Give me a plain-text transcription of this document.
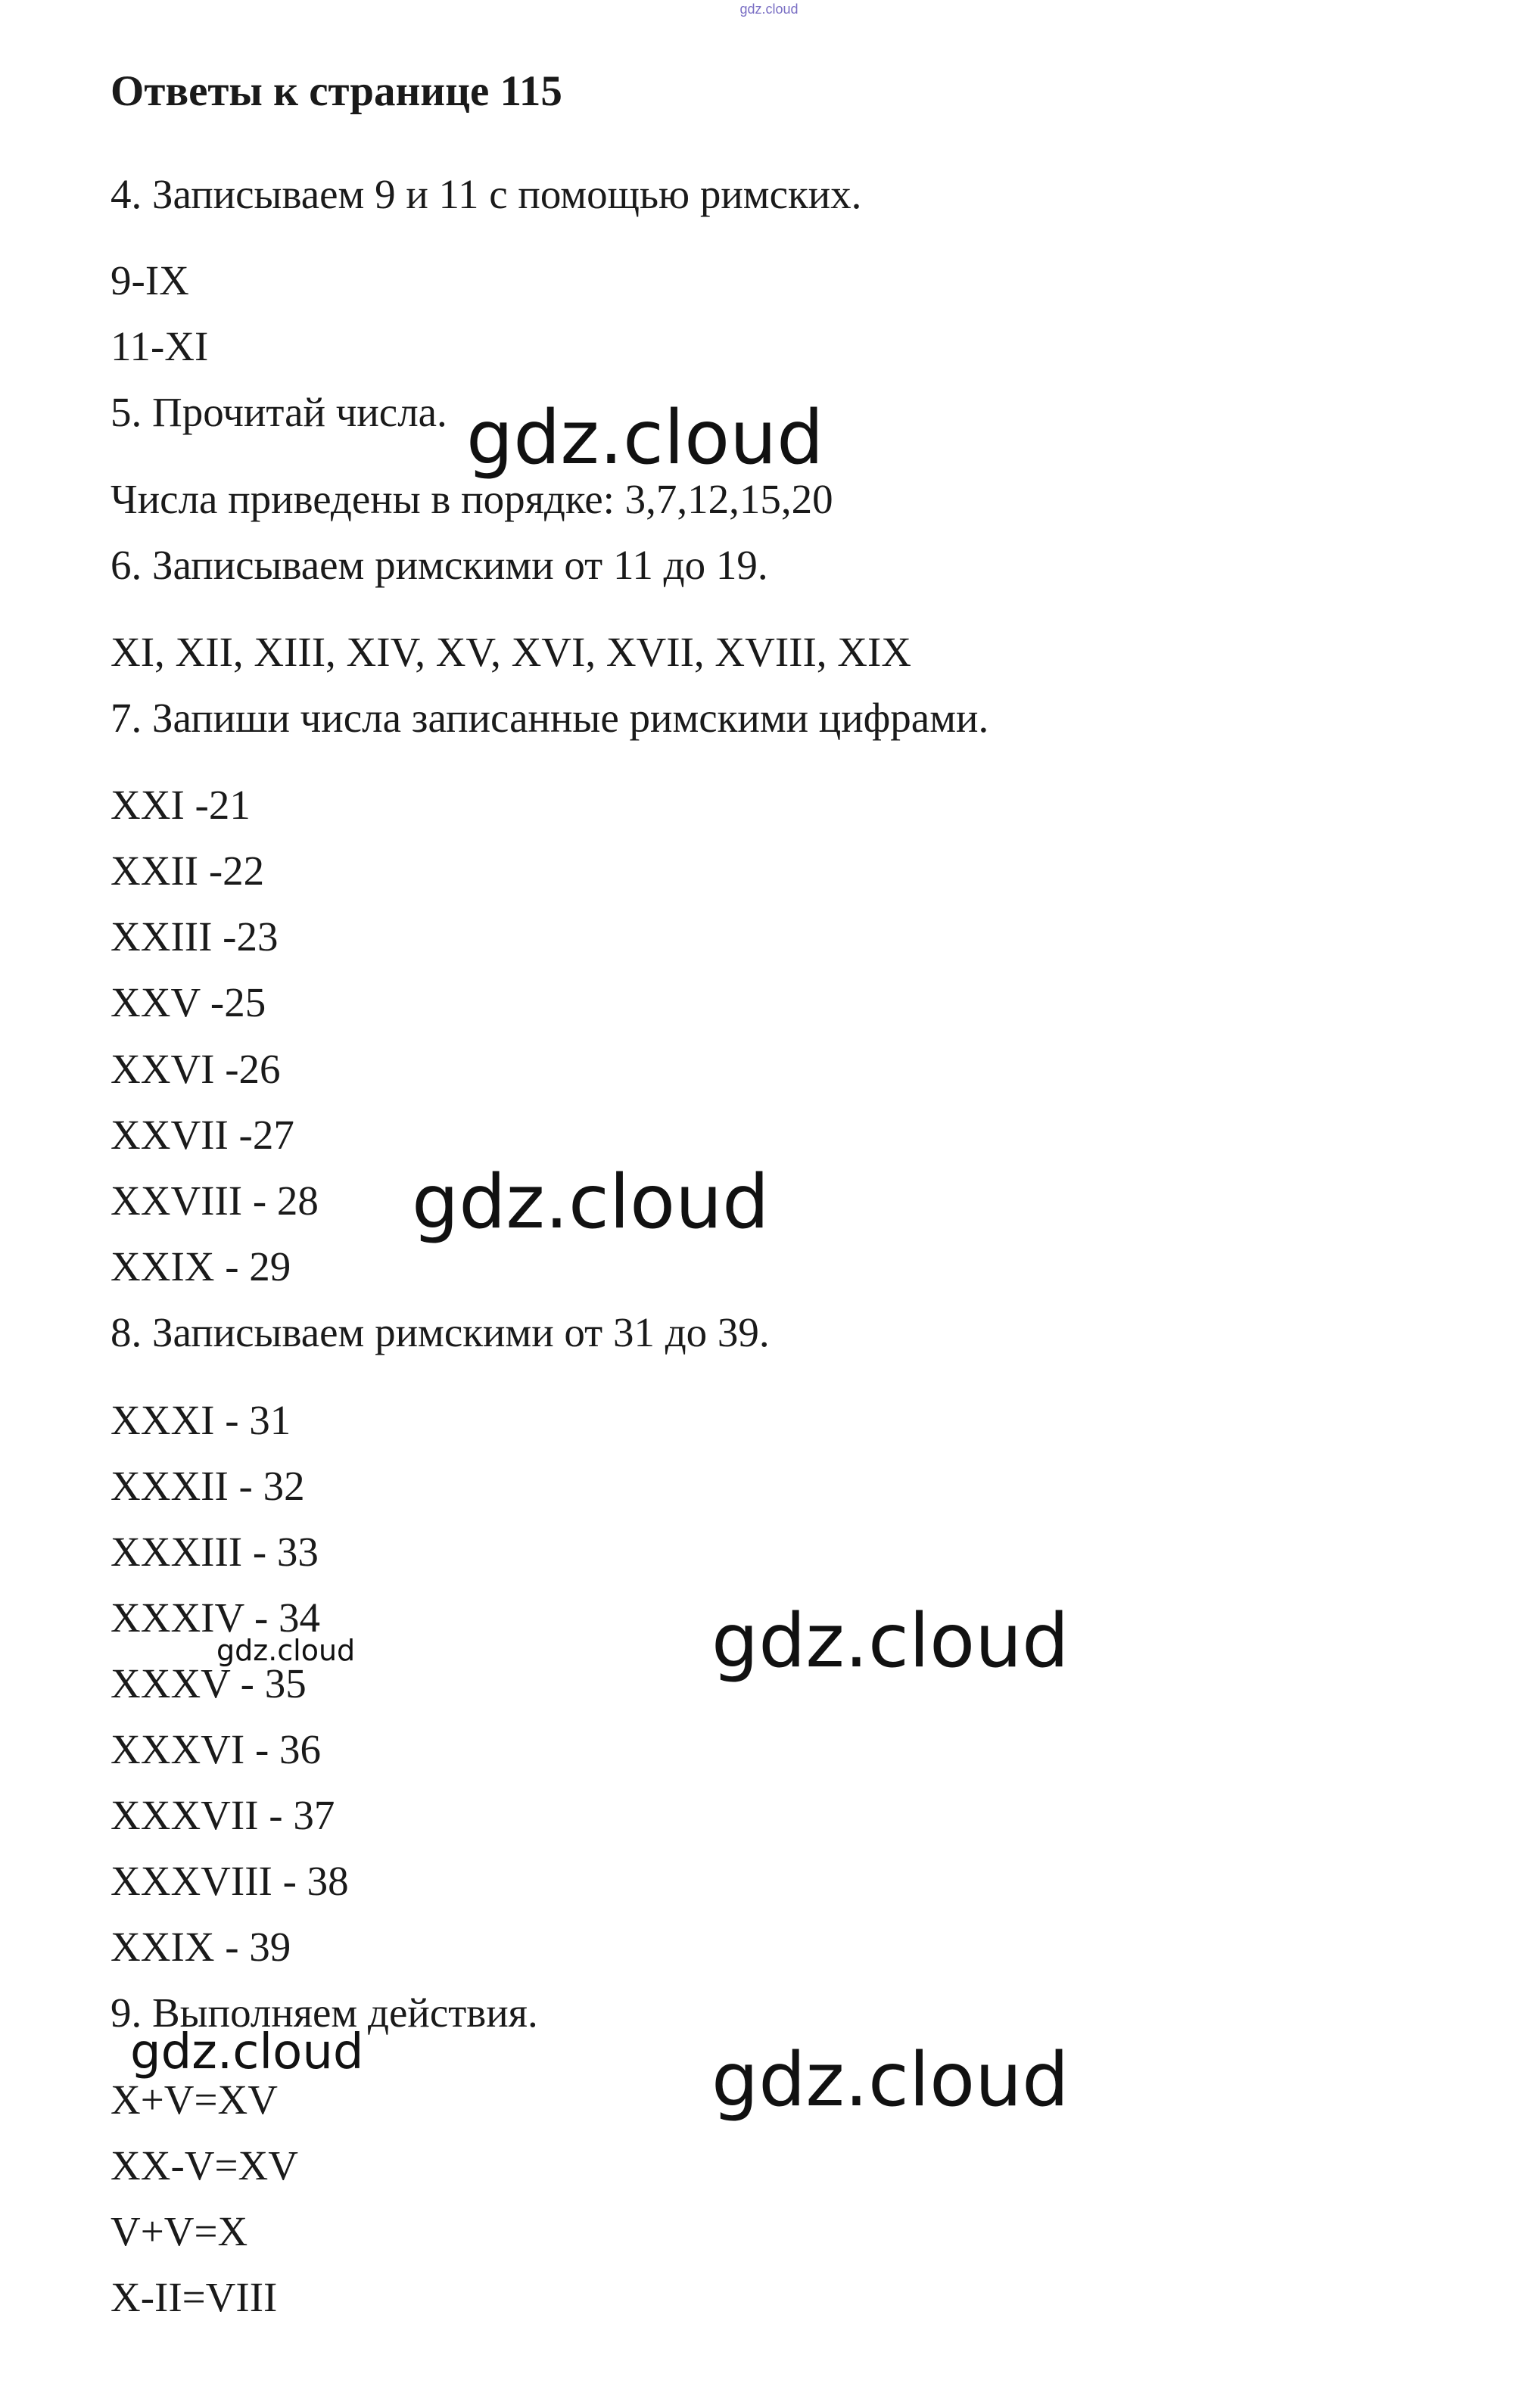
gdz.cloud
Ответы к странице 115

4. Записываем 9 и 11 с помощью римских.

9-IX

11-XI

5. Прочитай числа.

Числа приведены в порядке: 3,7,12,15,20

6. Записываем римскими от 11 до 19.

XI, XII, XIII, XIV, XV, XVI, XVII, XVIII, XIX

7. Запиши числа записанные римскими цифрами.

XXI -21

XXII -22

XXIII -23

XXV -25

XXVI -26

XXVII -27

XXVIII - 28

XXIX - 29

8. Записываем римскими от 31 до 39.

XXXI - 31

XXXII - 32

XXXIII - 33

XXXIV - 34

XXXV - 35

XXXVI - 36

XXXVII - 37

XXXVIII - 38

XXIX - 39

9. Выполняем действия.

X+V=XV

XX-V=XV

V+V=X

X-II=VIII

gdz.cloud
gdz.cloud
gdz.cloud
gdz.cloud
gdz.cloud	gdz.cloud
